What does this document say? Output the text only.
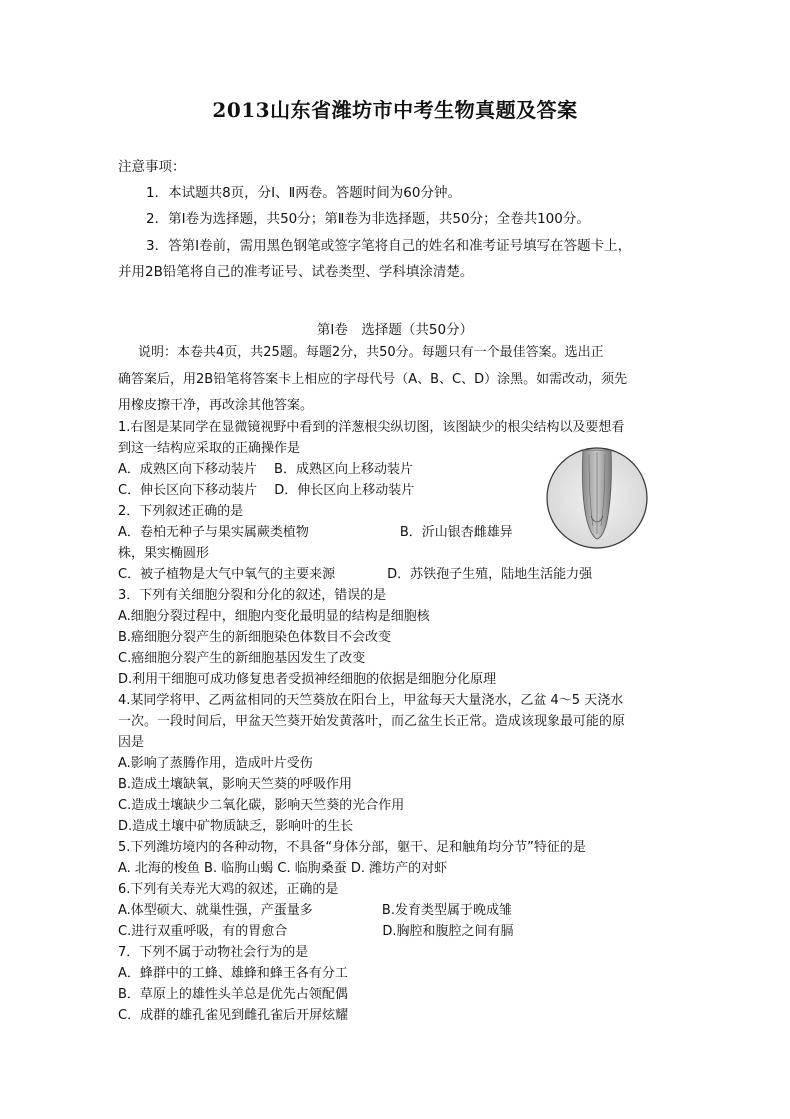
2013山东省潍坊市中考生物真题及答案
注意事项：
1．本试题共8页，分Ⅰ、Ⅱ两卷。答题时间为60分钟。
2．第Ⅰ卷为选择题，共50分；第Ⅱ卷为非选择题，共50分；全卷共100分。
3．答第Ⅰ卷前，需用黑色钢笔或签字笔将自己的姓名和准考证号填写在答题卡上，
并用2B铅笔将自己的准考证号、试卷类型、学科填涂清楚。
第Ⅰ卷　选择题（共50分）
说明：本卷共4页，共25题。每题2分，共50分。每题只有一个最佳答案。选出正
确答案后，用2B铅笔将答案卡上相应的字母代号（A、B、C、D）涂黑。如需改动，须先
用橡皮擦干净，再改涂其他答案。
1.右图是某同学在显微镜视野中看到的洋葱根尖纵切图，该图缺少的根尖结构以及要想看
到这一结构应采取的正确操作是
A．成熟区向下移动装片　 B．成熟区向上移动装片
C．伸长区向下移动装片　 D．伸长区向上移动装片
2．下列叙述正确的是
A．卷柏无种子与果实属蕨类植物　　　　　　　B．沂山银杏雌雄异
株，果实椭圆形
C．被子植物是大气中氧气的主要来源　　　　D．苏铁孢子生殖，陆地生活能力强
3．下列有关细胞分裂和分化的叙述，错误的是
A.细胞分裂过程中，细胞内变化最明显的结构是细胞核
B.癌细胞分裂产生的新细胞染色体数目不会改变
C.癌细胞分裂产生的新细胞基因发生了改变
D.利用干细胞可成功修复患者受损神经细胞的依据是细胞分化原理
4.某同学将甲、乙两盆相同的天竺葵放在阳台上，甲盆每天大量浇水，乙盆 4～5 天浇水
一次。一段时间后，甲盆天竺葵开始发黄落叶，而乙盆生长正常。造成该现象最可能的原
因是
A.影响了蒸腾作用，造成叶片受伤
B.造成土壤缺氧，影响天竺葵的呼吸作用
C.造成土壤缺少二氧化碳，影响天竺葵的光合作用
D.造成土壤中矿物质缺乏，影响叶的生长
5.下列潍坊境内的各种动物，不具备“身体分部，躯干、足和触角均分节”特征的是
A. 北海的梭鱼 B. 临朐山蝎 C. 临朐桑蚕 D. 潍坊产的对虾
6.下列有关寿光大鸡的叙述，正确的是
A.体型硕大、就巢性强，产蛋量多　　　　　 B.发育类型属于晚成雏
C.进行双重呼吸，有的胃愈合　　　　　　　 D.胸腔和腹腔之间有膈
7．下列不属于动物社会行为的是
A．蜂群中的工蜂、雄蜂和蜂王各有分工
B．草原上的雄性头羊总是优先占领配偶
C．成群的雄孔雀见到雌孔雀后开屏炫耀
